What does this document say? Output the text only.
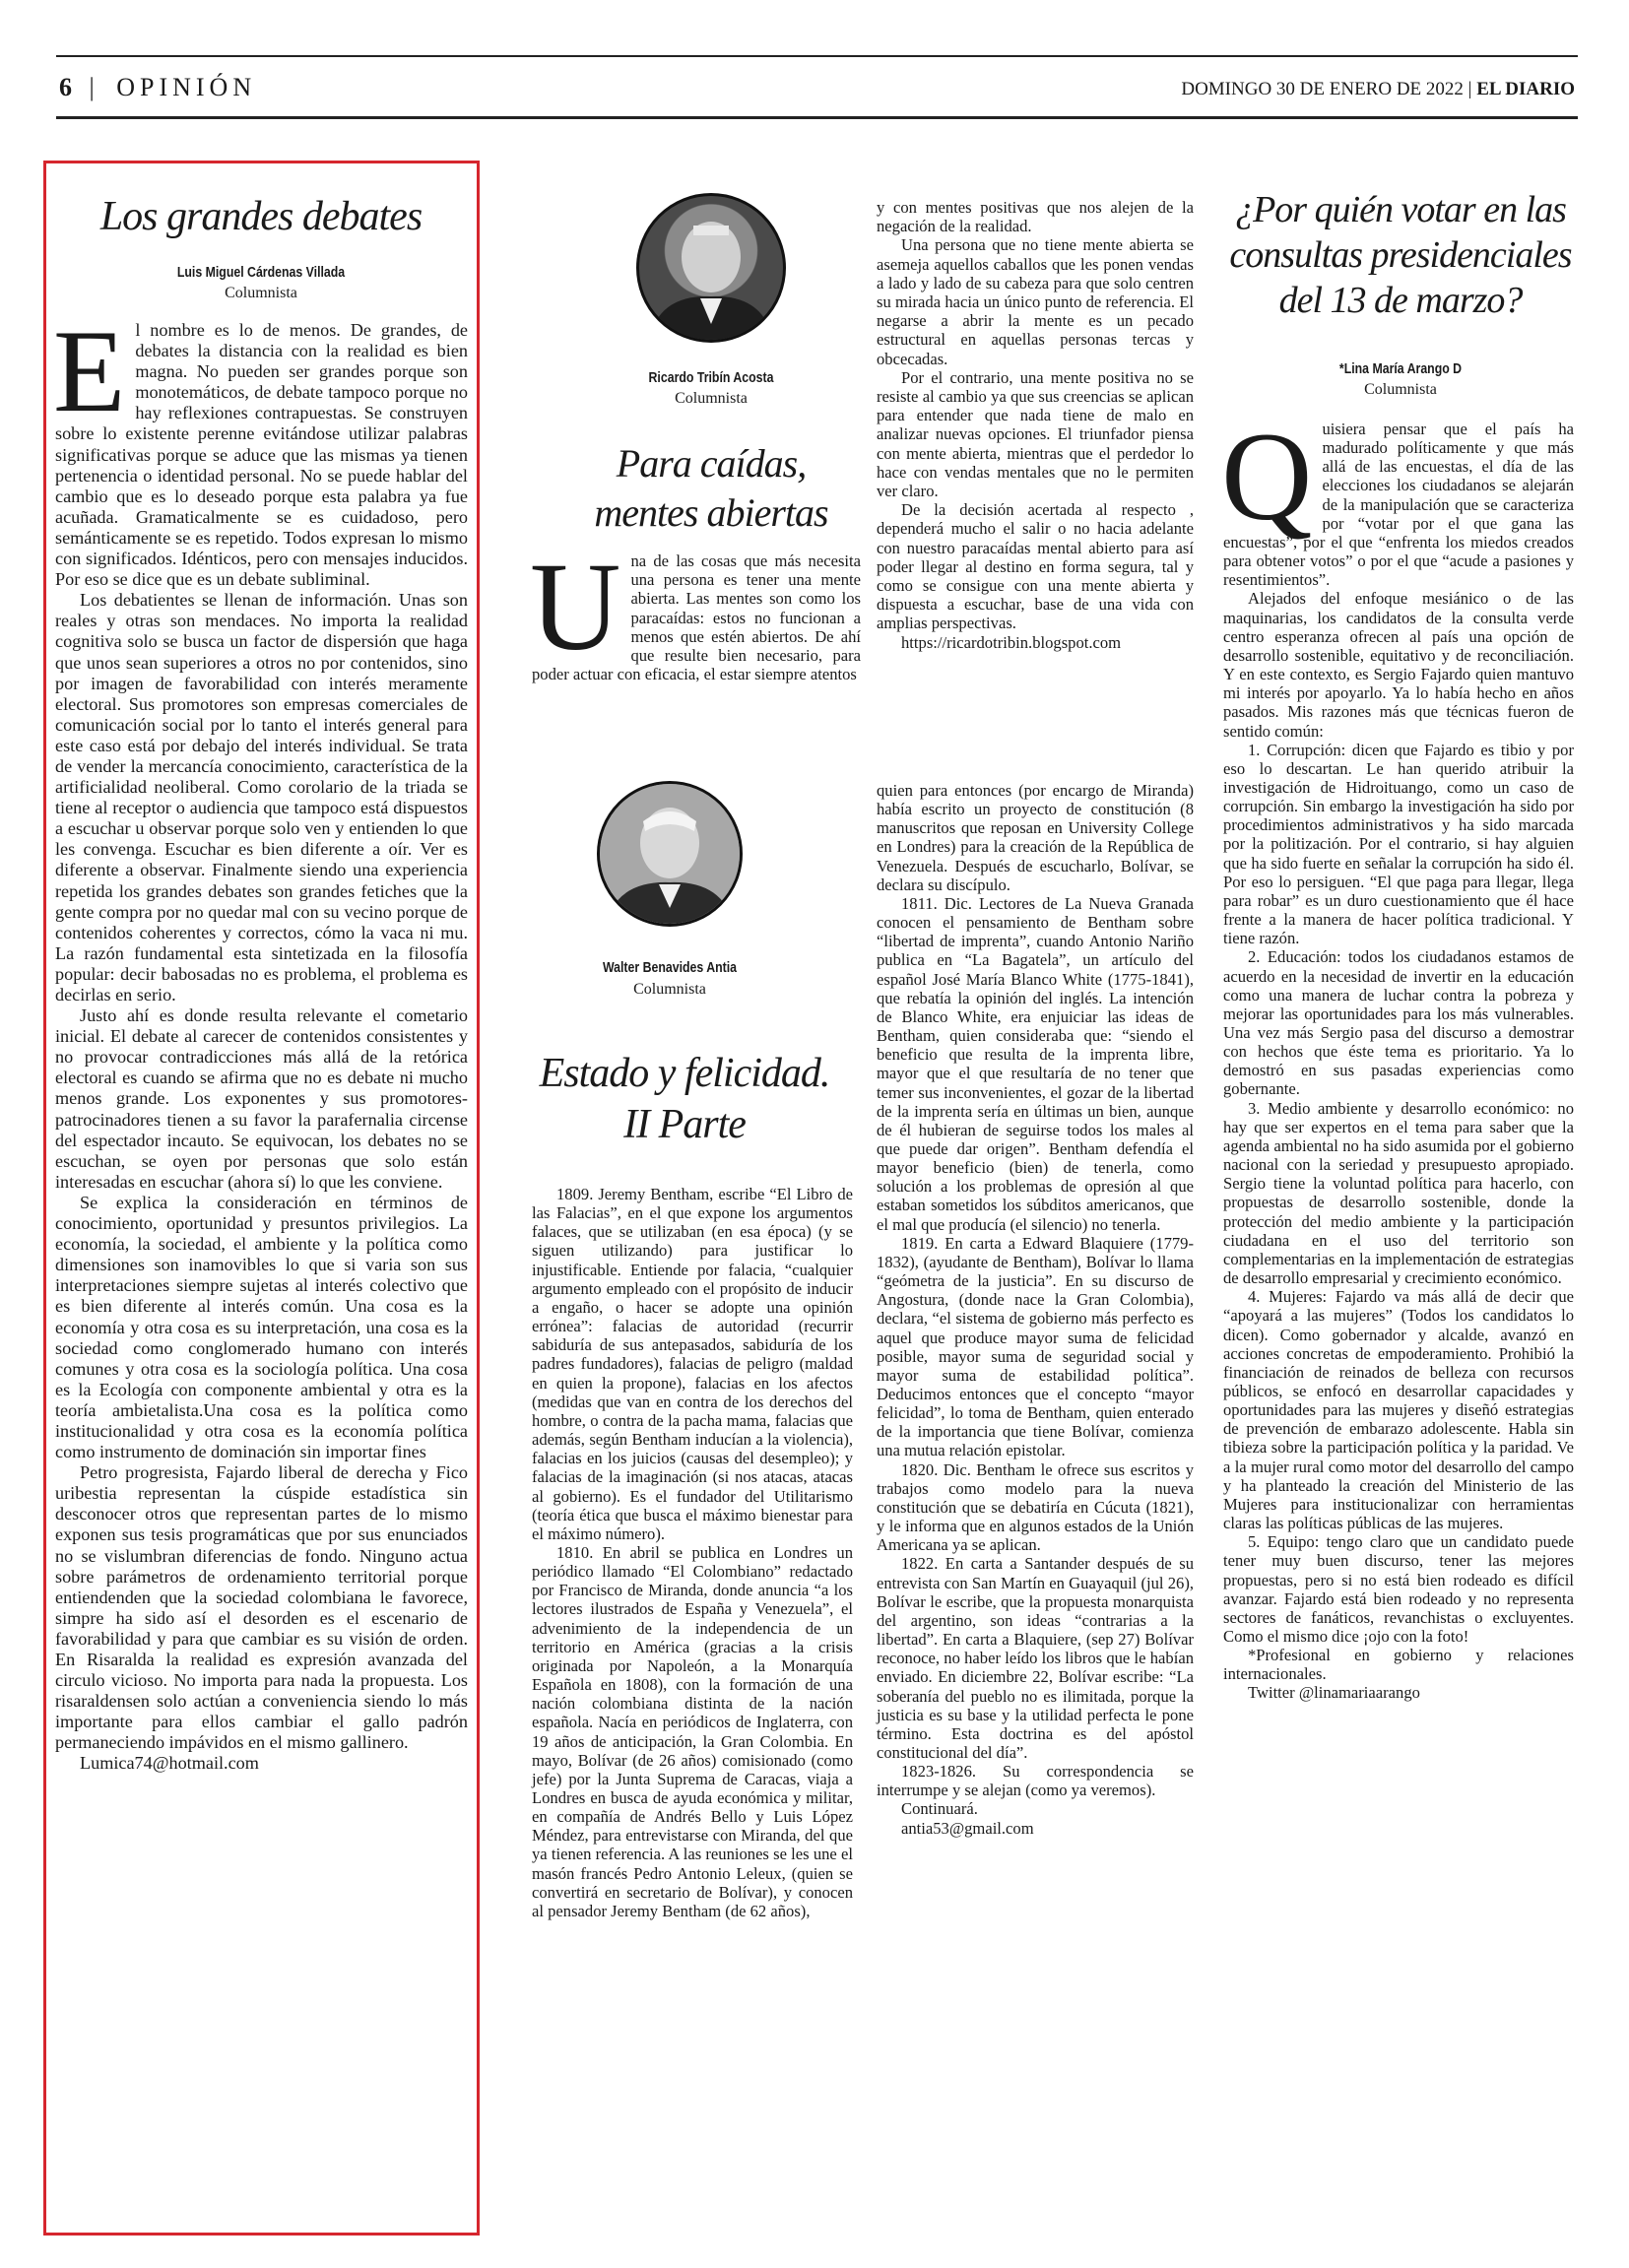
6 | OPINIÓN	DOMINGO 30 DE ENERO DE 2022 | EL DIARIO
Los grandes debates
Luis Miguel Cárdenas Villada
Columnista

El nombre es lo de menos. De grandes, de debates la distancia con la realidad es bien magna. No pueden ser grandes porque son monotemáticos, de debate tampoco porque no hay reflexiones contrapuestas. Se construyen sobre lo existente perenne evitándose utilizar palabras significativas porque se aduce que las mismas ya tienen pertenencia o identidad personal. No se puede hablar del cambio que es lo deseado porque esta palabra ya fue acuñada. Gramaticalmente se es cuidadoso, pero semánticamente se es repetido. Todos expresan lo mismo con significados. Idénticos, pero con mensajes inducidos. Por eso se dice que es un debate subliminal.

Los debatientes se llenan de información. Unas son reales y otras son mendaces. No importa la realidad cognitiva solo se busca un factor de dispersión que haga que unos sean superiores a otros no por contenidos, sino por imagen de favorabilidad con interés meramente electoral. Sus promotores son empresas comerciales de comunicación social por lo tanto el interés general para este caso está por debajo del interés individual. Se trata de vender la mercancía conocimiento, característica de la artificialidad neoliberal. Como corolario de la triada se tiene al receptor o audiencia que tampoco está dispuestos a escuchar u observar porque solo ven y entienden lo que les convenga. Escuchar es bien diferente a oír. Ver es diferente a observar. Finalmente siendo una experiencia repetida los grandes debates son grandes fetiches que la gente compra por no quedar mal con su vecino porque de contenidos coherentes y correctos, cómo la vaca ni mu. La razón fundamental esta sintetizada en la filosofía popular: decir babosadas no es problema, el problema es decirlas en serio.

Justo ahí es donde resulta relevante el cometario inicial. El debate al carecer de contenidos consistentes y no provocar contradicciones más allá de la retórica electoral es cuando se afirma que no es debate ni mucho menos grande. Los exponentes y sus promotores-patrocinadores tienen a su favor la parafernalia circense del espectador incauto. Se equivocan, los debates no se escuchan, se oyen por personas que solo están interesadas en escuchar (ahora sí) lo que les conviene.

Se explica la consideración en términos de conocimiento, oportunidad y presuntos privilegios. La economía, la sociedad, el ambiente y la política como dimensiones son inamovibles lo que si varia son sus interpretaciones siempre sujetas al interés colectivo que es bien diferente al interés común. Una cosa es la economía y otra cosa es su interpretación, una cosa es la sociedad como conglomerado humano con interés comunes y otra cosa es la sociología política. Una cosa es la Ecología con componente ambiental y otra es la teoría ambietalista.Una cosa es la política como institucionalidad y otra cosa es la economía política como instrumento de dominación sin importar fines

Petro progresista, Fajardo liberal de derecha y Fico uribestia representan la cúspide estadística sin desconocer otros que representan partes de lo mismo exponen sus tesis programáticas que por sus enunciados no se vislumbran diferencias de fondo. Ninguno actua sobre parámetros de ordenamiento territorial porque entiendenden que la sociedad colombiana le favorece, simpre ha sido así el desorden es el escenario de favorabilidad y para que cambiar es su visión de orden. En Risaralda la realidad es expresión avanzada del circulo vicioso. No importa para nada la propuesta. Los risaraldensen solo actúan a conveniencia siendo lo más importante para ellos cambiar el gallo padrón permaneciendo impávidos en el mismo gallinero.

Lumica74@hotmail.com

Ricardo Tribín Acosta
Columnista
Para caídas,
mentes abiertas

Una de las cosas que más necesita una persona es tener una mente abierta. Las mentes son como los paracaídas: estos no funcionan a menos que estén abiertos. De ahí que resulte bien necesario, para poder actuar con eficacia, el estar siempre atentos

y con mentes positivas que nos alejen de la negación de la realidad.

Una persona que no tiene mente abierta se asemeja aquellos caballos que les ponen vendas a lado y lado de su cabeza para que solo centren su mirada hacia un único punto de referencia. El negarse a abrir la mente es un pecado estructural en aquellas personas tercas y obcecadas.

Por el contrario, una mente positiva no se resiste al cambio ya que sus creencias se aplican para entender que nada tiene de malo en analizar nuevas opciones. El triunfador piensa con mente abierta, mientras que el perdedor lo hace con vendas mentales que no le permiten ver claro.

De la decisión acertada al respecto , dependerá mucho el salir o no hacia adelante con nuestro paracaídas mental abierto para así poder llegar al destino en forma segura, tal y como se consigue con una mente abierta y dispuesta a escuchar, base de una vida con amplias perspectivas.

https://ricardotribin.blogspot.com

Walter Benavides Antia
Columnista
Estado y felicidad.
II Parte

1809. Jeremy Bentham, escribe “El Libro de las Falacias”, en el que expone los argumentos falaces, que se utilizaban (en esa época) (y se siguen utilizando) para justificar lo injustificable. Entiende por falacia, “cualquier argumento empleado con el propósito de inducir a engaño, o hacer se adopte una opinión errónea”: falacias de autoridad (recurrir sabiduría de sus antepasados, sabiduría de los padres fundadores), falacias de peligro (maldad en quien la propone), falacias en los afectos (medidas que van en contra de los derechos del hombre, o contra de la pacha mama, falacias que además, según Bentham inducían a la violencia), falacias en los juicios (causas del desempleo); y falacias de la imaginación (si nos atacas, atacas al gobierno). Es el fundador del Utilitarismo (teoría ética que busca el máximo bienestar para el máximo número).

1810. En abril se publica en Londres un periódico llamado “El Colombiano” redactado por Francisco de Miranda, donde anuncia “a los lectores ilustrados de España y Venezuela”, el advenimiento de la independencia de un territorio en América (gracias a la crisis originada por Napoleón, a la Monarquía Española en 1808), con la formación de una nación colombiana distinta de la nación española. Nacía en periódicos de Inglaterra, con 19 años de anticipación, la Gran Colombia. En mayo, Bolívar (de 26 años) comisionado (como jefe) por la Junta Suprema de Caracas, viaja a Londres en busca de ayuda económica y militar, en compañía de Andrés Bello y Luis López Méndez, para entrevistarse con Miranda, del que ya tienen referencia. A las reuniones se les une el masón francés Pedro Antonio Leleux, (quien se convertirá en secretario de Bolívar), y conocen al pensador Jeremy Bentham (de 62 años),

quien para entonces (por encargo de Miranda) había escrito un proyecto de constitución (8 manuscritos que reposan en University College en Londres) para la creación de la República de Venezuela. Después de escucharlo, Bolívar, se declara su discípulo.

1811. Dic. Lectores de La Nueva Granada conocen el pensamiento de Bentham sobre “libertad de imprenta”, cuando Antonio Nariño publica en “La Bagatela”, un artículo del español José María Blanco White (1775-1841), que rebatía la opinión del inglés. La intención de Blanco White, era enjuiciar las ideas de Bentham, quien consideraba que: “siendo el beneficio que resulta de la imprenta libre, mayor que el que resultaría de no tener que temer sus inconvenientes, el gozar de la libertad de la imprenta sería en últimas un bien, aunque de él hubieran de seguirse todos los males al que puede dar origen”. Bentham defendía el mayor beneficio (bien) de tenerla, como solución a los problemas de opresión al que estaban sometidos los súbditos americanos, que el mal que producía (el silencio) no tenerla.

1819. En carta a Edward Blaquiere (1779-1832), (ayudante de Bentham), Bolívar lo llama “geómetra de la justicia”. En su discurso de Angostura, (donde nace la Gran Colombia), declara, “el sistema de gobierno más perfecto es aquel que produce mayor suma de felicidad posible, mayor suma de seguridad social y mayor suma de estabilidad política”. Deducimos entonces que el concepto “mayor felicidad”, lo toma de Bentham, quien enterado de la importancia que tiene Bolívar, comienza una mutua relación epistolar.

1820. Dic. Bentham le ofrece sus escritos y trabajos como modelo para la nueva constitución que se debatiría en Cúcuta (1821), y le informa que en algunos estados de la Unión Americana ya se aplican.

1822. En carta a Santander después de su entrevista con San Martín en Guayaquil (jul 26), Bolívar le escribe, que la propuesta monarquista del argentino, son ideas “contrarias a la libertad”. En carta a Blaquiere, (sep 27) Bolívar reconoce, no haber leído los libros que le habían enviado. En diciembre 22, Bolívar escribe: “La soberanía del pueblo no es ilimitada, porque la justicia es su base y la utilidad perfecta le pone término. Esta doctrina es del apóstol constitucional del día”.

1823-1826. Su correspondencia se interrumpe y se alejan (como ya veremos).

Continuará.

antia53@gmail.com

¿Por quién votar en las
consultas presidenciales
del 13 de marzo?
*Lina María Arango D
Columnista

Quisiera pensar que el país ha madurado políticamente y que más allá de las encuestas, el día de las elecciones los ciudadanos se alejarán de la manipulación que se caracteriza por “votar por el que gana las encuestas”, por el que “enfrenta los miedos creados para obtener votos” o por el que “acude a pasiones y resentimientos”.

Alejados del enfoque mesiánico o de las maquinarias, los candidatos de la consulta verde centro esperanza ofrecen al país una opción de desarrollo sostenible, equitativo y de reconciliación. Y en este contexto, es Sergio Fajardo quien mantuvo mi interés por apoyarlo. Ya lo había hecho en años pasados. Mis razones más que técnicas fueron de sentido común:

1. Corrupción: dicen que Fajardo es tibio y por eso lo descartan. Le han querido atribuir la investigación de Hidroituango, como un caso de corrupción. Sin embargo la investigación ha sido por procedimientos administrativos y ha sido marcada por la politización. Por el contrario, si hay alguien que ha sido fuerte en señalar la corrupción ha sido él. Por eso lo persiguen. “El que paga para llegar, llega para robar” es un duro cuestionamiento que él hace frente a la manera de hacer política tradicional. Y tiene razón.

2. Educación: todos los ciudadanos estamos de acuerdo en la necesidad de invertir en la educación como una manera de luchar contra la pobreza y mejorar las oportunidades para los más vulnerables. Una vez más Sergio pasa del discurso a demostrar con hechos que éste tema es prioritario. Ya lo demostró en sus pasadas experiencias como gobernante.

3. Medio ambiente y desarrollo económico: no hay que ser expertos en el tema para saber que la agenda ambiental no ha sido asumida por el gobierno nacional con la seriedad y presupuesto apropiado. Sergio tiene la voluntad política para hacerlo, con propuestas de desarrollo sostenible, donde la protección del medio ambiente y la participación ciudadana en el uso del territorio son complementarias en la implementación de estrategias de desarrollo empresarial y crecimiento económico.

4. Mujeres: Fajardo va más allá de decir que “apoyará a las mujeres” (Todos los candidatos lo dicen). Como gobernador y alcalde, avanzó en acciones concretas de empoderamiento. Prohibió la financiación de reinados de belleza con recursos públicos, se enfocó en desarrollar capacidades y oportunidades para las mujeres y diseñó estrategias de prevención de embarazo adolescente. Habla sin tibieza sobre la participación política y la paridad. Ve a la mujer rural como motor del desarrollo del campo y ha planteado la creación del Ministerio de las Mujeres para institucionalizar con herramientas claras las políticas públicas de las mujeres.

5. Equipo: tengo claro que un candidato puede tener muy buen discurso, tener las mejores propuestas, pero si no está bien rodeado es difícil avanzar. Fajardo está bien rodeado y no representa sectores de fanáticos, revanchistas o excluyentes. Como el mismo dice ¡ojo con la foto!

*Profesional en gobierno y relaciones internacionales.

Twitter @linamariaarango
